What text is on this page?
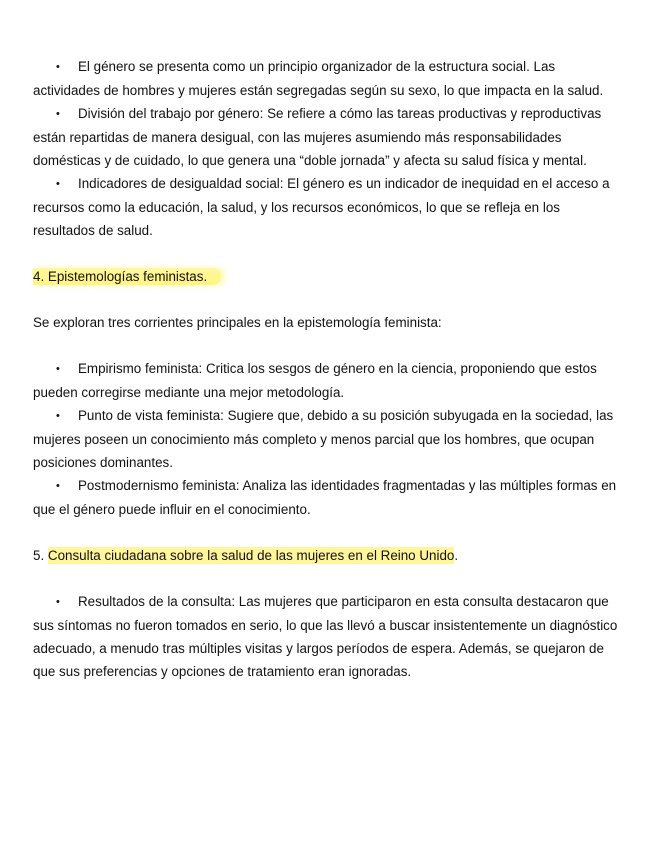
• El género se presenta como un principio organizador de la estructura social. Las actividades de hombres y mujeres están segregadas según su sexo, lo que impacta en la salud.
• División del trabajo por género: Se refiere a cómo las tareas productivas y reproductivas están repartidas de manera desigual, con las mujeres asumiendo más responsabilidades domésticas y de cuidado, lo que genera una “doble jornada” y afecta su salud física y mental.
• Indicadores de desigualdad social: El género es un indicador de inequidad en el acceso a recursos como la educación, la salud, y los recursos económicos, lo que se refleja en los resultados de salud.

4. Epistemologías feministas.

Se exploran tres corrientes principales en la epistemología feminista:

• Empirismo feminista: Critica los sesgos de género en la ciencia, proponiendo que estos pueden corregirse mediante una mejor metodología.
• Punto de vista feminista: Sugiere que, debido a su posición subyugada en la sociedad, las mujeres poseen un conocimiento más completo y menos parcial que los hombres, que ocupan posiciones dominantes.
• Postmodernismo feminista: Analiza las identidades fragmentadas y las múltiples formas en que el género puede influir en el conocimiento.

5. Consulta ciudadana sobre la salud de las mujeres en el Reino Unido.

• Resultados de la consulta: Las mujeres que participaron en esta consulta destacaron que sus síntomas no fueron tomados en serio, lo que las llevó a buscar insistentemente un diagnóstico adecuado, a menudo tras múltiples visitas y largos períodos de espera. Además, se quejaron de que sus preferencias y opciones de tratamiento eran ignoradas.
